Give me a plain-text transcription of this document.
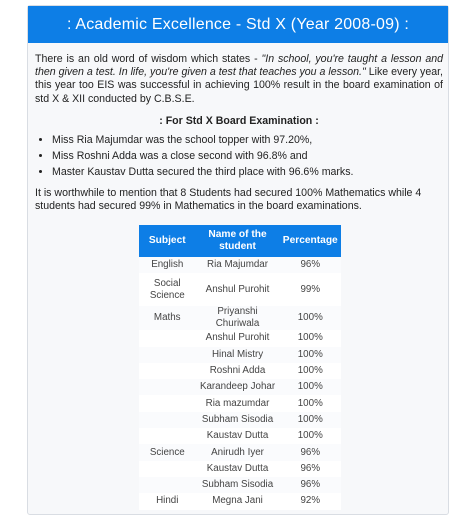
: Academic Excellence - Std X (Year 2008-09) :

There is an old word of wisdom which states - "In school, you're taught a lesson and then given a test. In life, you're given a test that teaches you a lesson." Like every year, this year too EIS was successful in achieving 100% result in the board examination of std X & XII conducted by C.B.S.E.

: For Std X Board Examination :
• Miss Ria Majumdar was the school topper with 97.20%,
• Miss Roshni Adda was a close second with 96.8% and
• Master Kaustav Dutta secured the third place with 96.6% marks.

It is worthwhile to mention that 8 Students had secured 100% Mathematics while 4 students had secured 99% in Mathematics in the board examinations.

Subject	Name of the student	Percentage
English	Ria Majumdar	96%
Social Science	Anshul Purohit	99%
Maths	Priyanshi Churiwala	100%
	Anshul Purohit	100%
	Hinal Mistry	100%
	Roshni Adda	100%
	Karandeep Johar	100%
	Ria mazumdar	100%
	Subham Sisodia	100%
	Kaustav Dutta	100%
Science	Anirudh Iyer	96%
	Kaustav Dutta	96%
	Subham Sisodia	96%
Hindi	Megna Jani	92%
